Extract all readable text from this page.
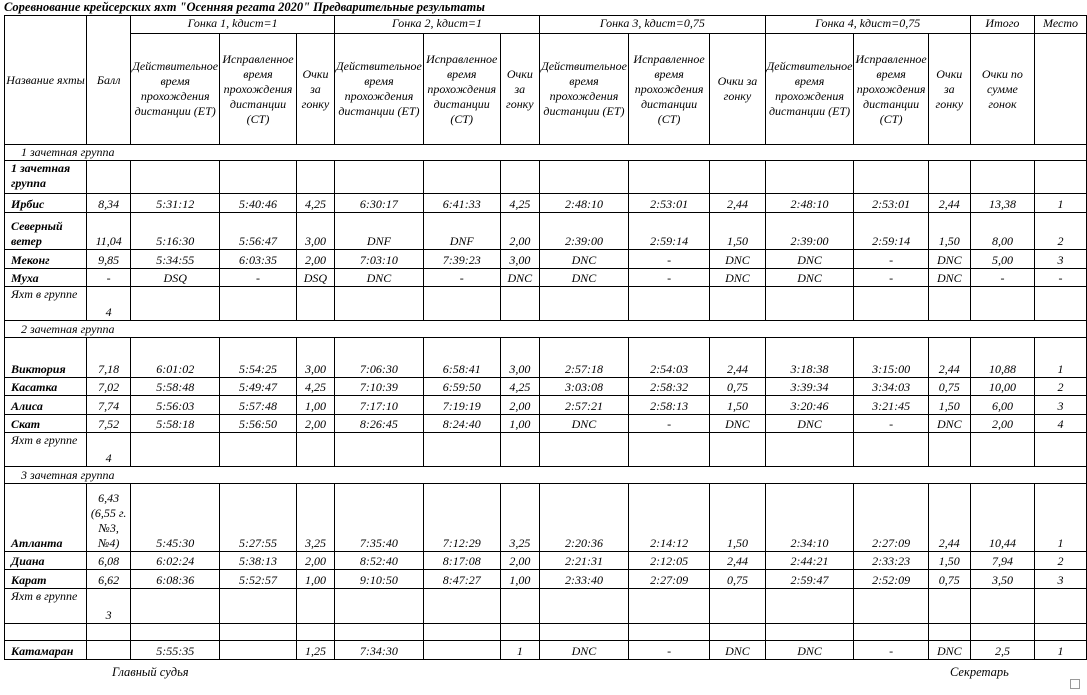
Соревнование крейсерских яхт "Осенняя регата 2020" Предварительные результаты
Название яхты	Балл	Гонка 1, kдист=1			Гонка 2, kдист=1			Гонка 3, kдист=0,75			Гонка 4, kдист=0,75			Итого	Место
		Действительное время прохождения дистанции (ET)	Исправленное время прохождения дистанции (CT)	Очки за гонку	Действительное время прохождения дистанции (ET)	Исправленное время прохождения дистанции (CT)	Очки за гонку	Действительное время прохождения дистанции (ET)	Исправленное время прохождения дистанции (CT)	Очки за гонку	Действительное время прохождения дистанции (ET)	Исправленное время прохождения дистанции (CT)	Очки за гонку	Очки по сумме гонок	
1 зачетная группа															
1 зачетная группа															
Ирбис	8,34	5:31:12	5:40:46	4,25	6:30:17	6:41:33	4,25	2:48:10	2:53:01	2,44	2:48:10	2:53:01	2,44	13,38	1
Северный ветер	11,04	5:16:30	5:56:47	3,00	DNF	DNF	2,00	2:39:00	2:59:14	1,50	2:39:00	2:59:14	1,50	8,00	2
Меконг	9,85	5:34:55	6:03:35	2,00	7:03:10	7:39:23	3,00	DNC	-	DNC	DNC	-	DNC	5,00	3
Муха	-	DSQ	-	DSQ	DNC	-	DNC	DNC	-	DNC	DNC	-	DNC	-	-
Яхт в группе	4														
2 зачетная группа															
Виктория	7,18	6:01:02	5:54:25	3,00	7:06:30	6:58:41	3,00	2:57:18	2:54:03	2,44	3:18:38	3:15:00	2,44	10,88	1
Касатка	7,02	5:58:48	5:49:47	4,25	7:10:39	6:59:50	4,25	3:03:08	2:58:32	0,75	3:39:34	3:34:03	0,75	10,00	2
Алиса	7,74	5:56:03	5:57:48	1,00	7:17:10	7:19:19	2,00	2:57:21	2:58:13	1,50	3:20:46	3:21:45	1,50	6,00	3
Скат	7,52	5:58:18	5:56:50	2,00	8:26:45	8:24:40	1,00	DNC	-	DNC	DNC	-	DNC	2,00	4
Яхт в группе	4														
3 зачетная группа															
Атланта	6,43 (6,55 г. №3, №4)	5:45:30	5:27:55	3,25	7:35:40	7:12:29	3,25	2:20:36	2:14:12	1,50	2:34:10	2:27:09	2,44	10,44	1
Диана	6,08	6:02:24	5:38:13	2,00	8:52:40	8:17:08	2,00	2:21:31	2:12:05	2,44	2:44:21	2:33:23	1,50	7,94	2
Карат	6,62	6:08:36	5:52:57	1,00	9:10:50	8:47:27	1,00	2:33:40	2:27:09	0,75	2:59:47	2:52:09	0,75	3,50	3
Яхт в группе	3														

Катамаран		5:55:35		1,25	7:34:30		1	DNC	-	DNC	DNC	-	DNC	2,5	1
Главный судья	Секретарь
